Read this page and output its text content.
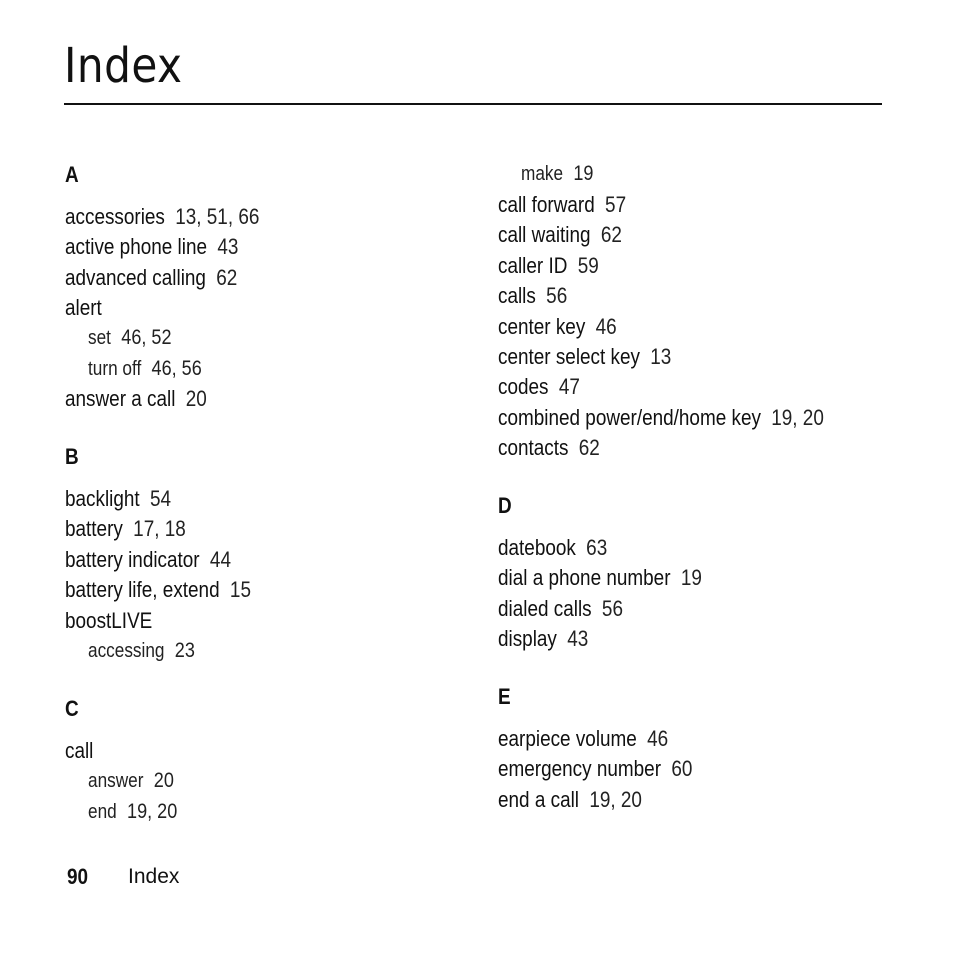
Index
A
accessories 13, 51, 66
active phone line 43
advanced calling 62
alert
set 46, 52
turn off 46, 56
answer a call 20
B
backlight 54
battery 17, 18
battery indicator 44
battery life, extend 15
boostLIVE
accessing 23
C
call
answer 20
end 19, 20
make 19
call forward 57
call waiting 62
caller ID 59
calls 56
center key 46
center select key 13
codes 47
combined power/end/home key 19, 20
contacts 62
D
datebook 63
dial a phone number 19
dialed calls 56
display 43
E
earpiece volume 46
emergency number 60
end a call 19, 20
90 Index
